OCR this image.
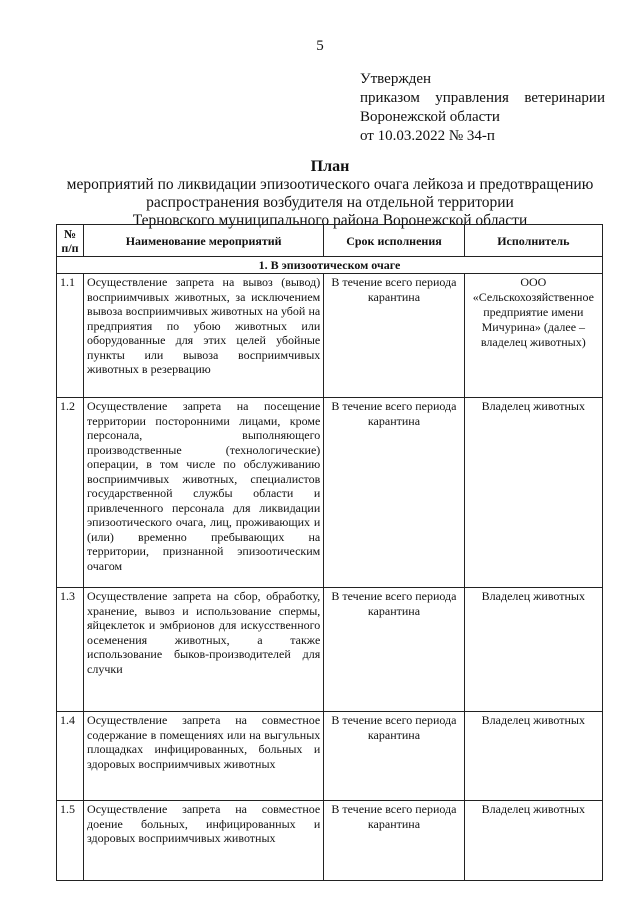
5
Утвержден
приказом управления ветеринарии
Воронежской области
от 10.03.2022 № 34-п
План
мероприятий по ликвидации эпизоотического очага лейкоза и предотвращению
распространения возбудителя на отдельной территории
Терновского муниципального района Воронежской области
№ п/п	Наименование мероприятий	Срок исполнения	Исполнитель
1. В эпизоотическом очаге			
1.1	Осуществление запрета на вывоз (вывод) восприимчивых животных, за исключением вывоза восприимчивых животных на убой на предприятия по убою животных или оборудованные для этих целей убойные пункты или вывоза восприимчивых животных в резервацию	В течение всего периода карантина	ООО «Сельскохозяйственное предприятие имени Мичурина» (далее – владелец животных)
1.2	Осуществление запрета на посещение территории посторонними лицами, кроме персонала, выполняющего производственные (технологические) операции, в том числе по обслуживанию восприимчивых животных, специалистов государственной службы области и привлеченного персонала для ликвидации эпизоотического очага, лиц, проживающих и (или) временно пребывающих на территории, признанной эпизоотическим очагом	В течение всего периода карантина	Владелец животных
1.3	Осуществление запрета на сбор, обработку, хранение, вывоз и использование спермы, яйцеклеток и эмбрионов для искусственного осеменения животных, а также использование быков-производителей для случки	В течение всего периода карантина	Владелец животных
1.4	Осуществление запрета на совместное содержание в помещениях или на выгульных площадках инфицированных, больных и здоровых восприимчивых животных	В течение всего периода карантина	Владелец животных
1.5	Осуществление запрета на совместное доение больных, инфицированных и здоровых восприимчивых животных	В течение всего периода карантина	Владелец животных
